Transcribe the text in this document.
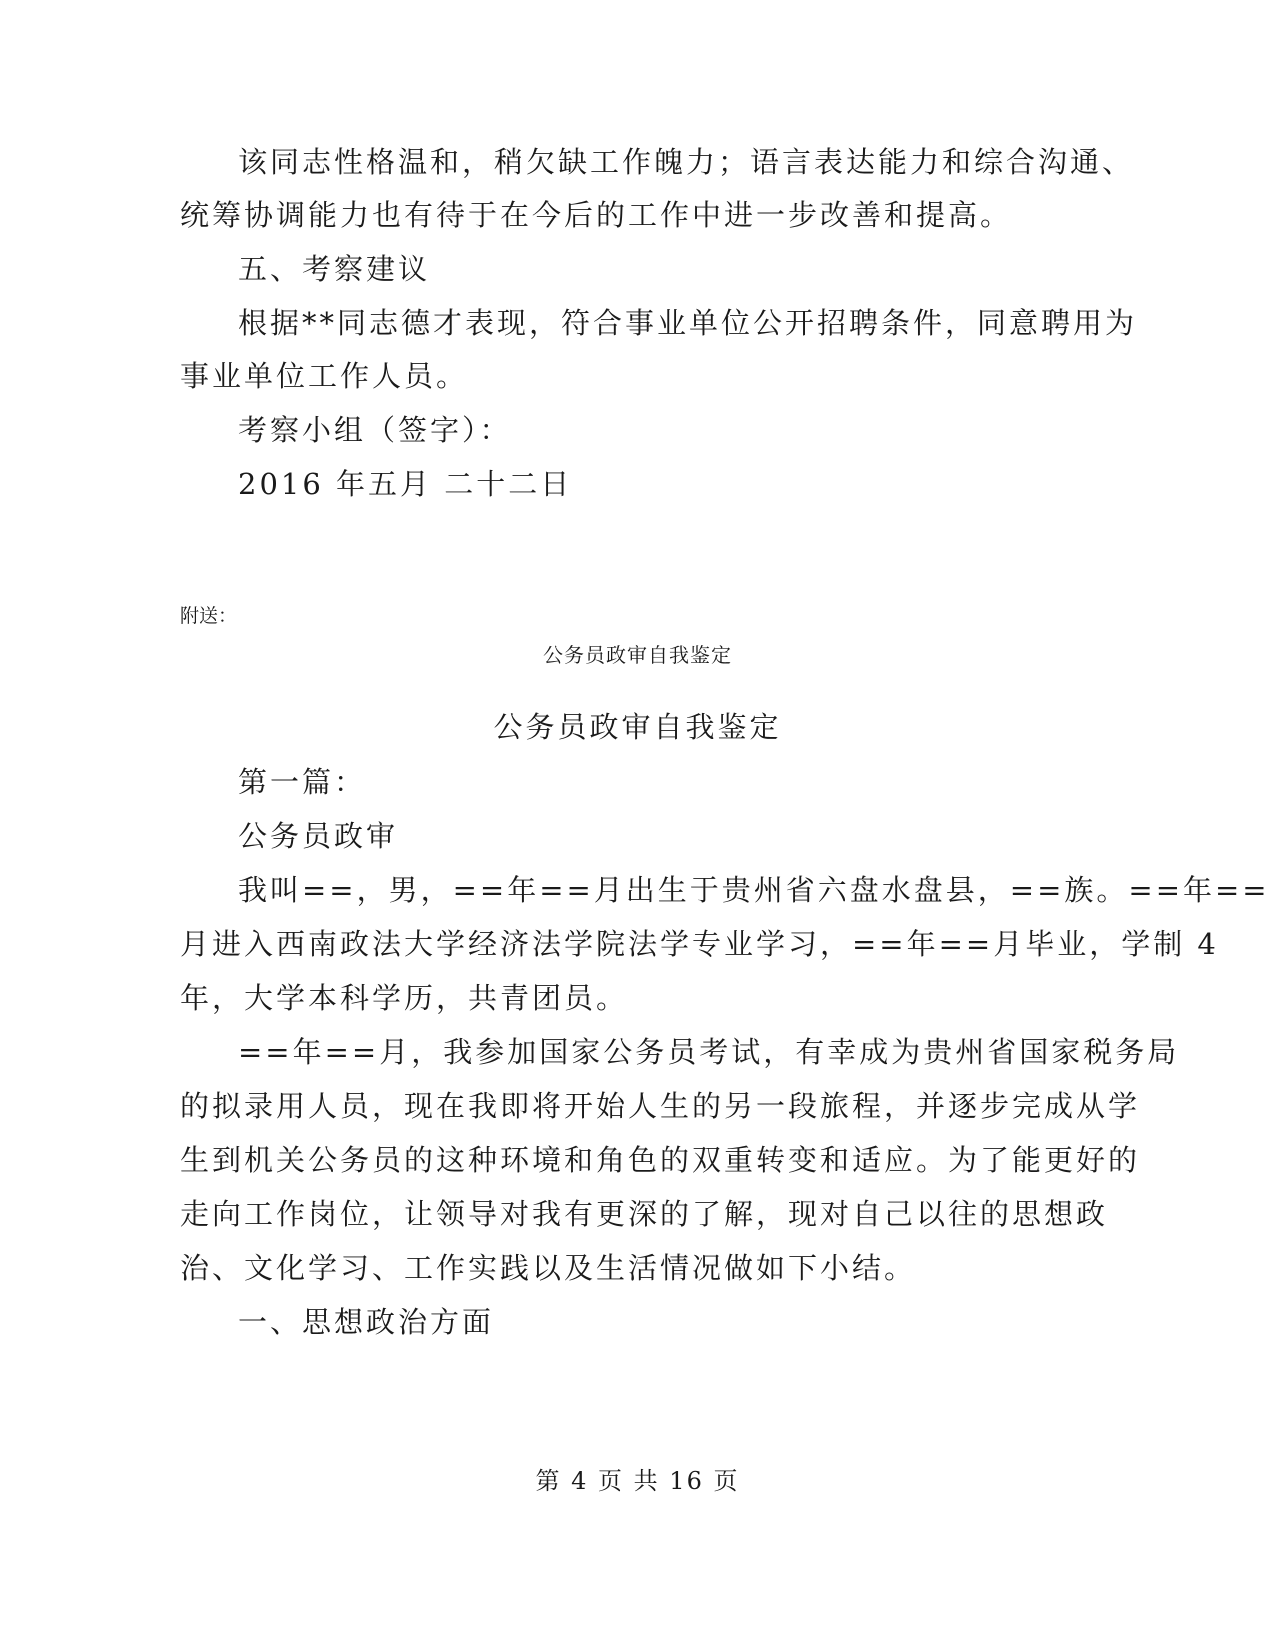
该同志性格温和，稍欠缺工作魄力；语言表达能力和综合沟通、
统筹协调能力也有待于在今后的工作中进一步改善和提高。
五、考察建议
根据**同志德才表现，符合事业单位公开招聘条件，同意聘用为
事业单位工作人员。
考察小组（签字）：
2016 年五月 二十二日
附送：
公务员政审自我鉴定
公务员政审自我鉴定
第一篇：
公务员政审
我叫==，男，==年==月出生于贵州省六盘水盘县，==族。==年==
月进入西南政法大学经济法学院法学专业学习，==年==月毕业，学制 4
年，大学本科学历，共青团员。
==年==月，我参加国家公务员考试，有幸成为贵州省国家税务局
的拟录用人员，现在我即将开始人生的另一段旅程，并逐步完成从学
生到机关公务员的这种环境和角色的双重转变和适应。为了能更好的
走向工作岗位，让领导对我有更深的了解，现对自己以往的思想政
治、文化学习、工作实践以及生活情况做如下小结。
一、思想政治方面
第 4 页 共 16 页
